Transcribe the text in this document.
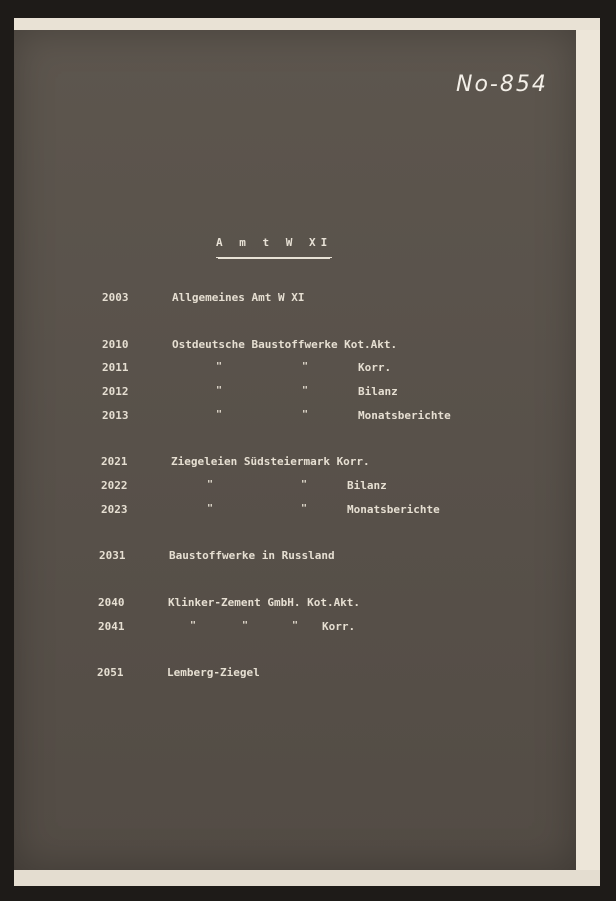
No-854
A m t W XI
2003	Allgemeines Amt W XI
2010	Ostdeutsche Baustoffwerke Kot.Akt.
2011	"	"	Korr.
2012	"	"	Bilanz
2013	"	"	Monatsberichte
2021	Ziegeleien Südsteiermark Korr.
2022	"	"	Bilanz
2023	"	"	Monatsberichte
2031	Baustoffwerke in Russland
2040	Klinker-Zement GmbH. Kot.Akt.
2041	"	"	" Korr.
2051	Lemberg-Ziegel
